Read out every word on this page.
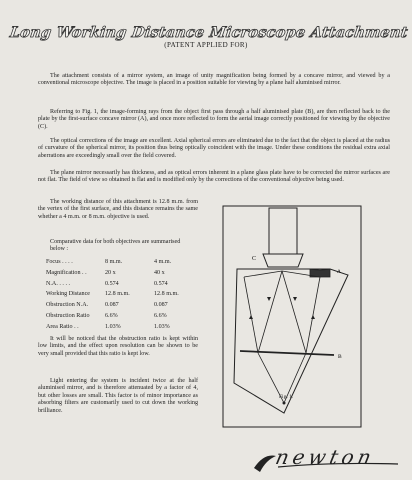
Long Working Distance Microscope Attachment
(PATENT APPLIED FOR)
The attachment consists of a mirror system, an image of unity magnification being formed by a concave mirror, and viewed by a conventional microscope objective. The image is placed in a position suitable for viewing by a plane half aluminised mirror.
Referring to Fig. 1, the image-forming rays from the object first pass through a half aluminised plate (B), are then reflected back to the plate by the first-surface concave mirror (A), and once more reflected to form the aerial image correctly positioned for viewing by the objective (C).
The optical corrections of the image are excellent. Axial spherical errors are eliminated due to the fact that the object is placed at the radius of curvature of the spherical mirror, its position thus being optically coincident with the image. Under these conditions the residual extra axial aberrations are exceedingly small over the field covered.
The plane mirror necessarily has thickness, and as optical errors inherent in a plane glass plate have to be corrected the mirror surfaces are not flat. The field of view so obtained is flat and is modified only by the corrections of the conventional objective being used.
The working distance of this attachment is 12.8 m.m. from the vertex of the first surface, and this distance remains the same whether a 4 m.m. or 8 m.m. objective is used.
Comparative data for both objectives are summarised below :
Focus . . . .	8 m.m.	4 m.m.
Magnification . .	20 x	40 x
N.A. . . . .	0.574	0.574
Working Distance	12.8 m.m.	12.8 m.m.
Obstruction N.A.	0.087	0.087
Obstruction Ratio	6.6%	6.6%
Area Ratio . .	1.03%	1.03%
It will be noticed that the obstruction ratio is kept within low limits, and the effect upon resolution can be shown to be very small provided that this ratio is kept low.
Light entering the system is incident twice at the half aluminised mirror, and is therefore attenuated by a factor of 4, but other losses are small. This factor is of minor importance as absorbing filters are customarily used to cut down the working brilliance.
C
A
B
Fig. 1.
newton
